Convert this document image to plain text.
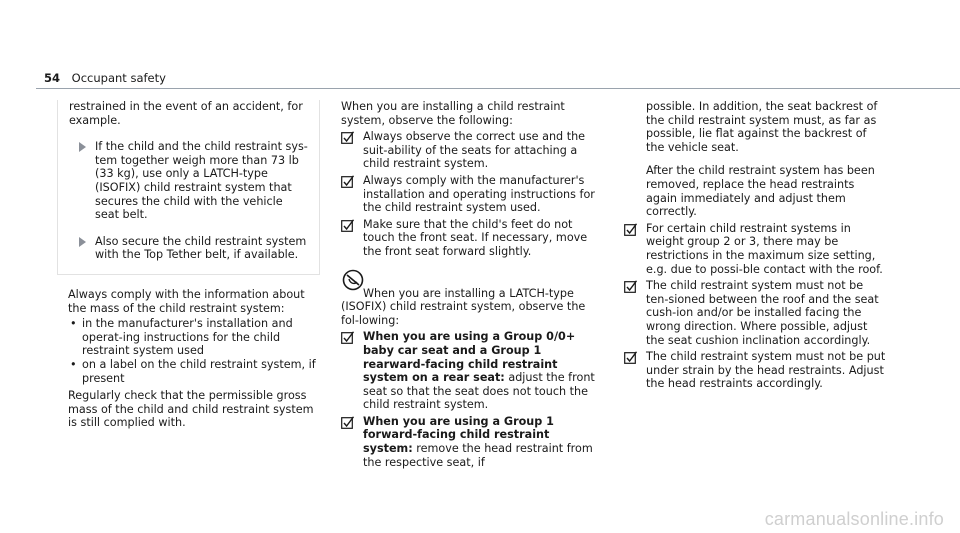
54 Occupant safety

restrained in the event of an accident, for example.

If the child and the child restraint sys-tem together weigh more than 73 lb (33 kg), use only a LATCH-type (ISOFIX) child restraint system that secures the child with the vehicle seat belt.
Also secure the child restraint system with the Top Tether belt, if available.

Always comply with the information about the mass of the child restraint system:

• in the manufacturer's installation and operat-ing instructions for the child restraint system used
• on a label on the child restraint system, if present

Regularly check that the permissible gross mass of the child and child restraint system is still complied with.

When you are installing a child restraint system, observe the following:

Always observe the correct use and the suit-ability of the seats for attaching a child restraint system.
Always comply with the manufacturer's installation and operating instructions for the child restraint system used.
Make sure that the child's feet do not touch the front seat. If necessary, move the front seat forward slightly.

When you are installing a LATCH-type (ISOFIX) child restraint system, observe the fol-lowing:

When you are using a Group 0/0+ baby car seat and a Group 1 rearward-facing child restraint system on a rear seat: adjust the front seat so that the seat does not touch the child restraint system.
When you are using a Group 1 forward-facing child restraint system: remove the head restraint from the respective seat, if

possible. In addition, the seat backrest of the child restraint system must, as far as possible, lie flat against the backrest of the vehicle seat.

After the child restraint system has been removed, replace the head restraints again immediately and adjust them correctly.

For certain child restraint systems in weight group 2 or 3, there may be restrictions in the maximum size setting, e.g. due to possi-ble contact with the roof.
The child restraint system must not be ten-sioned between the roof and the seat cush-ion and/or be installed facing the wrong direction. Where possible, adjust the seat cushion inclination accordingly.
The child restraint system must not be put under strain by the head restraints. Adjust the head restraints accordingly.
carmanualsonline.info
